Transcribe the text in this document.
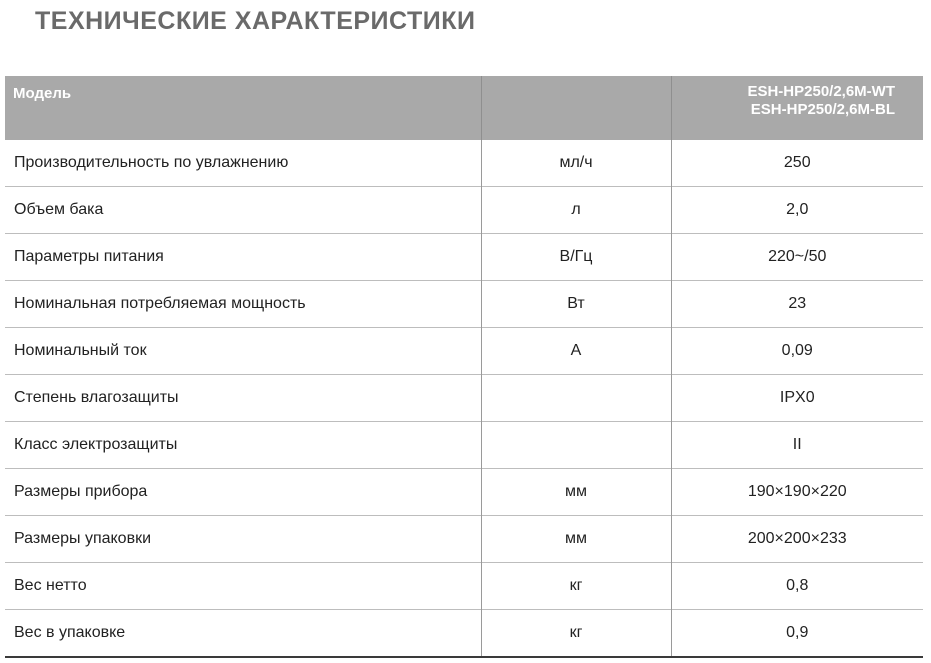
ТЕХНИЧЕСКИЕ ХАРАКТЕРИСТИКИ
Модель		ESH-HP250/2,6M-WT
ESH-HP250/2,6M-BL

Производительность по увлажнению	мл/ч	250
Объем бака	л	2,0
Параметры питания	В/Гц	220~/50
Номинальная потребляемая мощность	Вт	23
Номинальный ток	А	0,09
Степень влагозащиты		IPX0
Класс электрозащиты		II
Размеры прибора	мм	190×190×220
Размеры упаковки	мм	200×200×233
Вес нетто	кг	0,8
Вес в упаковке	кг	0,9
